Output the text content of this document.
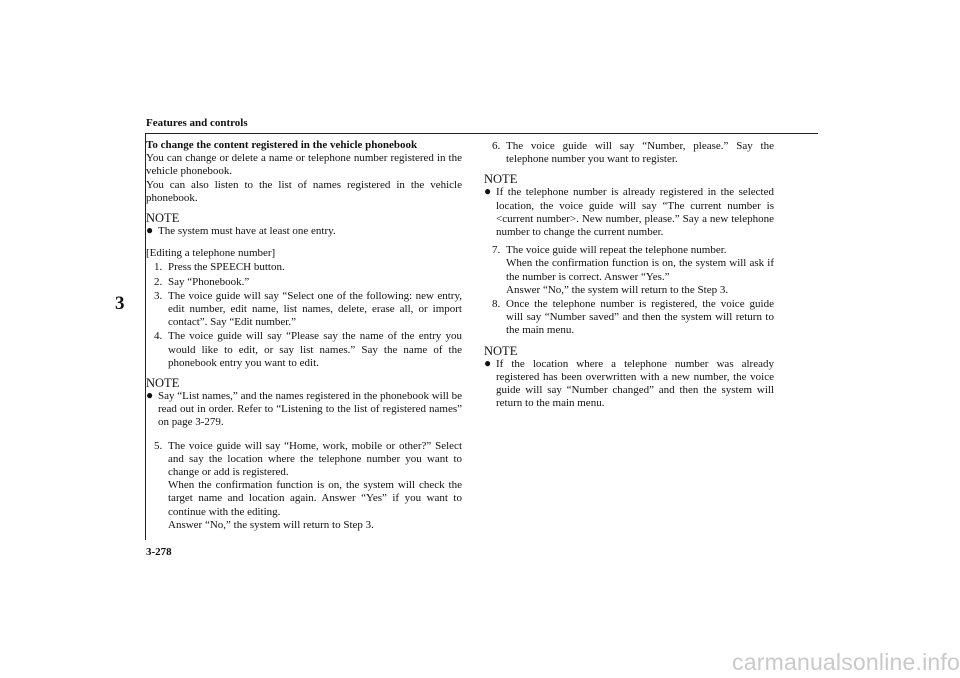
Features and controls
3

To change the content registered in the vehicle phonebook

You can change or delete a name or telephone number registered in the vehicle phonebook.

You can also listen to the list of names registered in the vehicle phonebook.

NOTE

● The system must have at least one entry.

[Editing a telephone number]

1. Press the SPEECH button.
2. Say “Phonebook.”
3. The voice guide will say “Select one of the following: new entry, edit number, edit name, list names, delete, erase all, or import contact”. Say “Edit number.”
4. The voice guide will say “Please say the name of the entry you would like to edit, or say list names.” Say the name of the phonebook entry you want to edit.

NOTE

● Say “List names,” and the names registered in the phonebook will be read out in order. Refer to “Listening to the list of registered names” on page 3-279.
5. The voice guide will say “Home, work, mobile or other?” Select and say the location where the telephone number you want to change or add is registered.

When the confirmation function is on, the system will check the target name and location again. Answer “Yes” if you want to continue with the editing.

Answer “No,” the system will return to Step 3.

6. The voice guide will say “Number, please.” Say the telephone number you want to register.

NOTE

● If the telephone number is already registered in the selected location, the voice guide will say “The current number is <current number>. New number, please.” Say a new telephone number to change the current number.
7. The voice guide will repeat the telephone number.

When the confirmation function is on, the system will ask if the number is correct. Answer “Yes.”

Answer “No,” the system will return to the Step 3.

8. Once the telephone number is registered, the voice guide will say “Number saved” and then the system will return to the main menu.

NOTE

● If the location where a telephone number was already registered has been overwritten with a new number, the voice guide will say “Number changed” and then the system will return to the main menu.
3-278
carmanualsonline.info
